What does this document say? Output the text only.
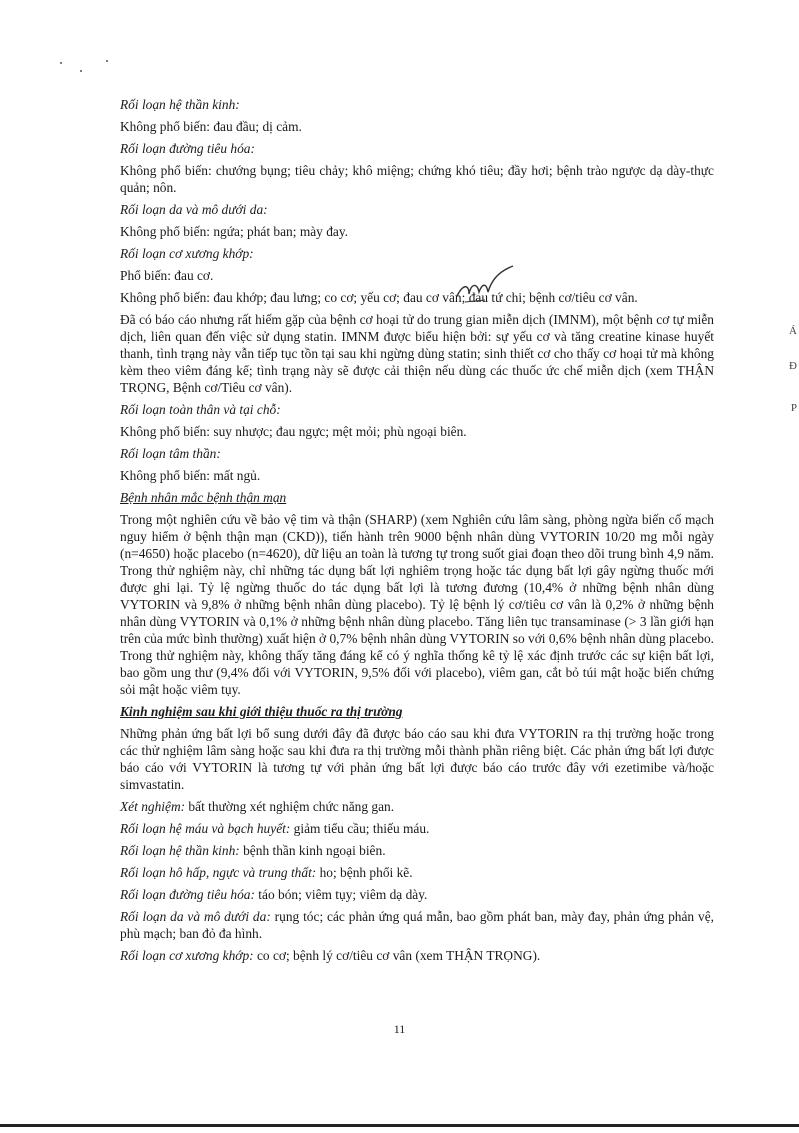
Rối loạn hệ thần kinh:
Không phổ biến: đau đầu; dị cảm.
Rối loạn đường tiêu hóa:
Không phổ biến: chướng bụng; tiêu chảy; khô miệng; chứng khó tiêu; đầy hơi; bệnh trào ngược dạ dày-thực quản; nôn.
Rối loạn da và mô dưới da:
Không phổ biến: ngứa; phát ban; mày đay.
Rối loạn cơ xương khớp:
Phổ biến: đau cơ.
Không phổ biến: đau khớp; đau lưng; co cơ; yếu cơ; đau cơ vân; đau tứ chi; bệnh cơ/tiêu cơ vân.
Đã có báo cáo nhưng rất hiếm gặp của bệnh cơ hoại tử do trung gian miễn dịch (IMNM), một bệnh cơ tự miễn dịch, liên quan đến việc sử dụng statin. IMNM được biểu hiện bởi: sự yếu cơ và tăng creatine kinase huyết thanh, tình trạng này vẫn tiếp tục tồn tại sau khi ngừng dùng statin; sinh thiết cơ cho thấy cơ hoại tử mà không kèm theo viêm đáng kể; tình trạng này sẽ được cải thiện nếu dùng các thuốc ức chế miễn dịch (xem THẬN TRỌNG, Bệnh cơ/Tiêu cơ vân).
Rối loạn toàn thân và tại chỗ:
Không phổ biến: suy nhược; đau ngực; mệt mỏi; phù ngoại biên.
Rối loạn tâm thần:
Không phổ biến: mất ngủ.
Bệnh nhân mắc bệnh thận mạn
Trong một nghiên cứu về bảo vệ tim và thận (SHARP) (xem Nghiên cứu lâm sàng, phòng ngừa biến cố mạch nguy hiểm ở bệnh thận mạn (CKD)), tiến hành trên 9000 bệnh nhân dùng VYTORIN 10/20 mg mỗi ngày (n=4650) hoặc placebo (n=4620), dữ liệu an toàn là tương tự trong suốt giai đoạn theo dõi trung bình 4,9 năm. Trong thử nghiệm này, chỉ những tác dụng bất lợi nghiêm trọng hoặc tác dụng bất lợi gây ngừng thuốc mới được ghi lại. Tỷ lệ ngừng thuốc do tác dụng bất lợi là tương đương (10,4% ở những bệnh nhân dùng VYTORIN và 9,8% ở những bệnh nhân dùng placebo). Tỷ lệ bệnh lý cơ/tiêu cơ vân là 0,2% ở những bệnh nhân dùng VYTORIN và 0,1% ở những bệnh nhân dùng placebo. Tăng liên tục transaminase (> 3 lần giới hạn trên của mức bình thường) xuất hiện ở 0,7% bệnh nhân dùng VYTORIN so với 0,6% bệnh nhân dùng placebo. Trong thử nghiệm này, không thấy tăng đáng kể có ý nghĩa thống kê tỷ lệ xác định trước các sự kiện bất lợi, bao gồm ung thư (9,4% đối với VYTORIN, 9,5% đối với placebo), viêm gan, cắt bỏ túi mật hoặc biến chứng sỏi mật hoặc viêm tụy.
Kinh nghiệm sau khi giới thiệu thuốc ra thị trường
Những phản ứng bất lợi bổ sung dưới đây đã được báo cáo sau khi đưa VYTORIN ra thị trường hoặc trong các thử nghiệm lâm sàng hoặc sau khi đưa ra thị trường mỗi thành phần riêng biệt. Các phản ứng bất lợi được báo cáo với VYTORIN là tương tự với phản ứng bất lợi được báo cáo trước đây với ezetimibe và/hoặc simvastatin.
Xét nghiệm: bất thường xét nghiệm chức năng gan.
Rối loạn hệ máu và bạch huyết: giảm tiểu cầu; thiếu máu.
Rối loạn hệ thần kinh: bệnh thần kinh ngoại biên.
Rối loạn hô hấp, ngực và trung thất: ho; bệnh phổi kẽ.
Rối loạn đường tiêu hóa: táo bón; viêm tụy; viêm dạ dày.
Rối loạn da và mô dưới da: rụng tóc; các phản ứng quá mẫn, bao gồm phát ban, mày đay, phản ứng phản vệ, phù mạch; ban đỏ đa hình.
Rối loạn cơ xương khớp: co cơ; bệnh lý cơ/tiêu cơ vân (xem THẬN TRỌNG).
Á
Đ
P
11
